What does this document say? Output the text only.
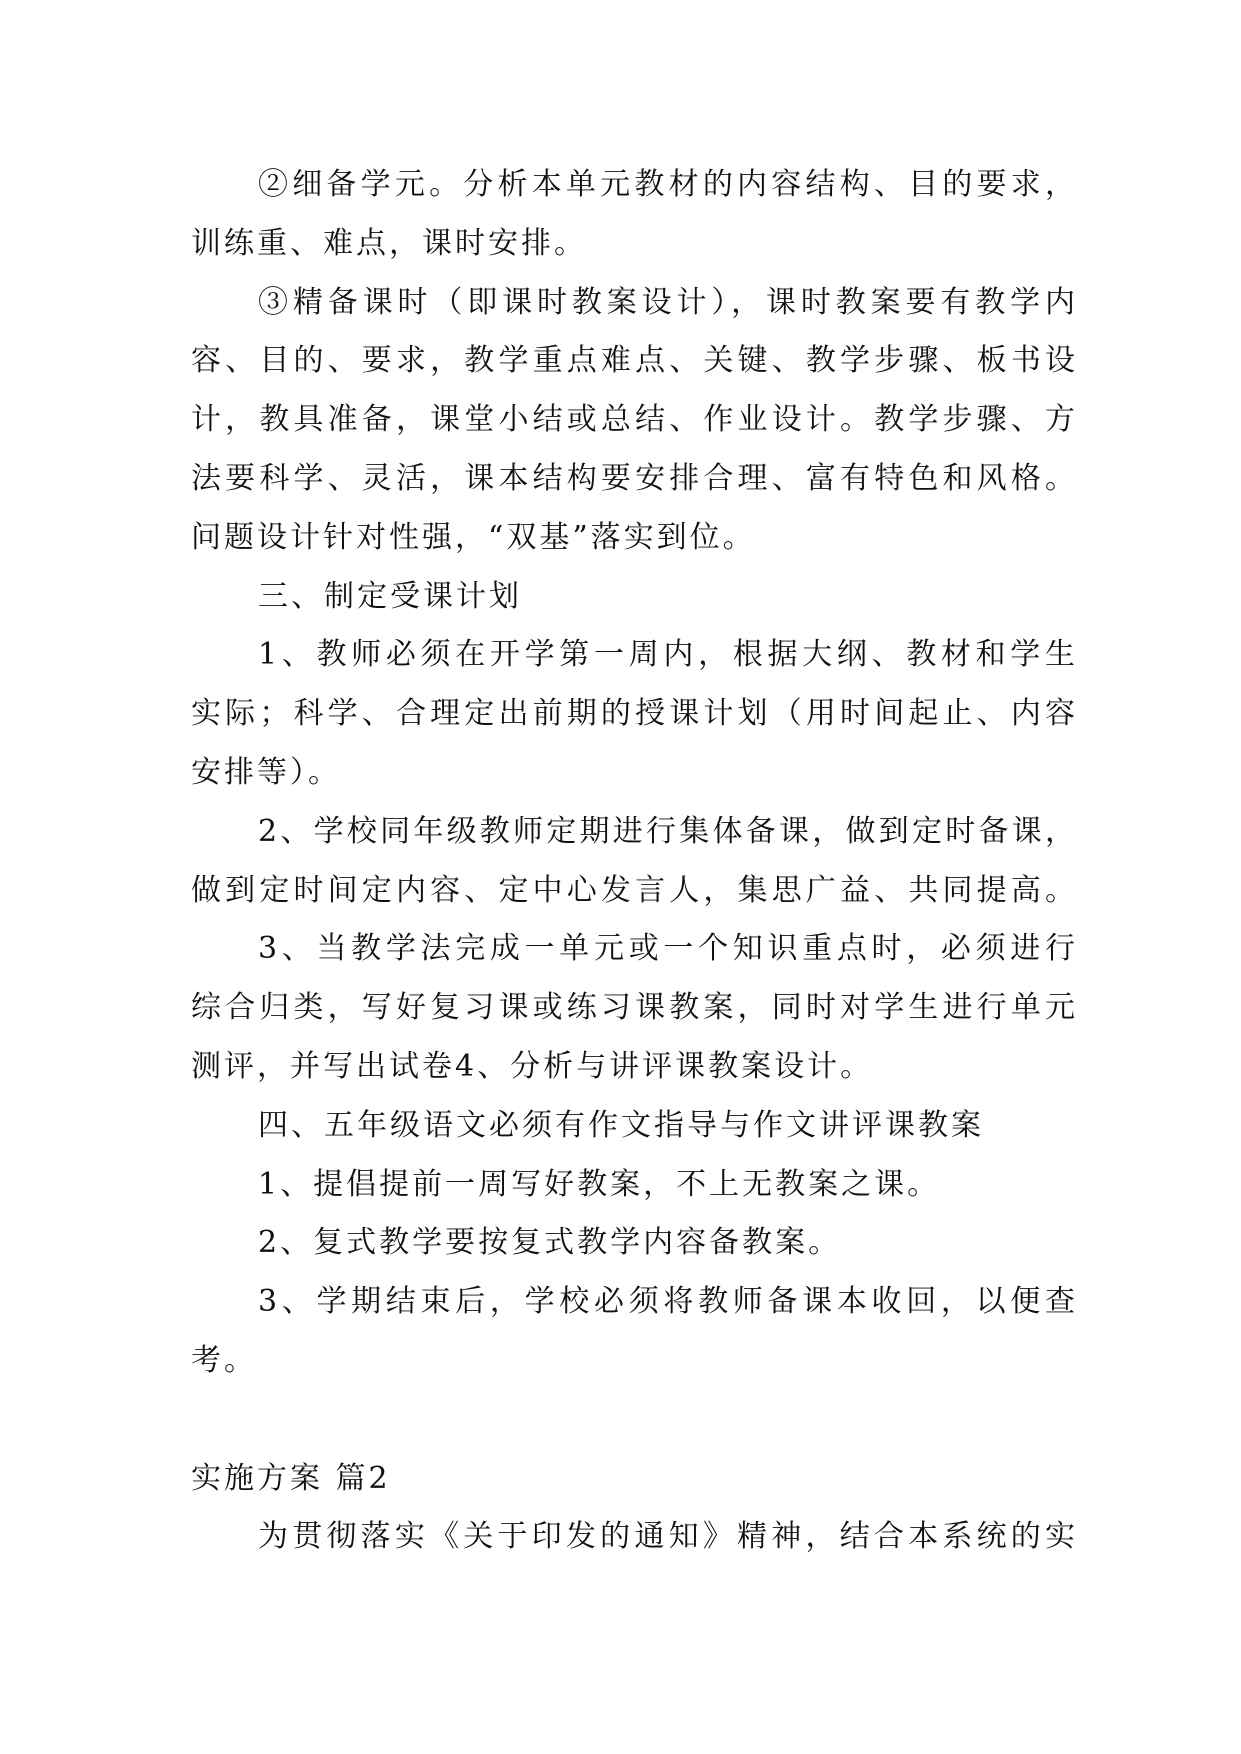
②细备学元。分析本单元教材的内容结构、目的要求，
训练重、难点，课时安排。
③精备课时（即课时教案设计），课时教案要有教学内
容、目的、要求，教学重点难点、关键、教学步骤、板书设
计，教具准备，课堂小结或总结、作业设计。教学步骤、方
法要科学、灵活，课本结构要安排合理、富有特色和风格。
问题设计针对性强，“双基”落实到位。
三、制定受课计划
1、教师必须在开学第一周内，根据大纲、教材和学生
实际；科学、合理定出前期的授课计划（用时间起止、内容
安排等）。
2、学校同年级教师定期进行集体备课，做到定时备课，
做到定时间定内容、定中心发言人，集思广益、共同提高。
3、当教学法完成一单元或一个知识重点时，必须进行
综合归类，写好复习课或练习课教案，同时对学生进行单元
测评，并写出试卷4、分析与讲评课教案设计。
四、五年级语文必须有作文指导与作文讲评课教案
1、提倡提前一周写好教案，不上无教案之课。
2、复式教学要按复式教学内容备教案。
3、学期结束后，学校必须将教师备课本收回，以便查
考。
实施方案 篇2
为贯彻落实《关于印发的通知》精神，结合本系统的实
